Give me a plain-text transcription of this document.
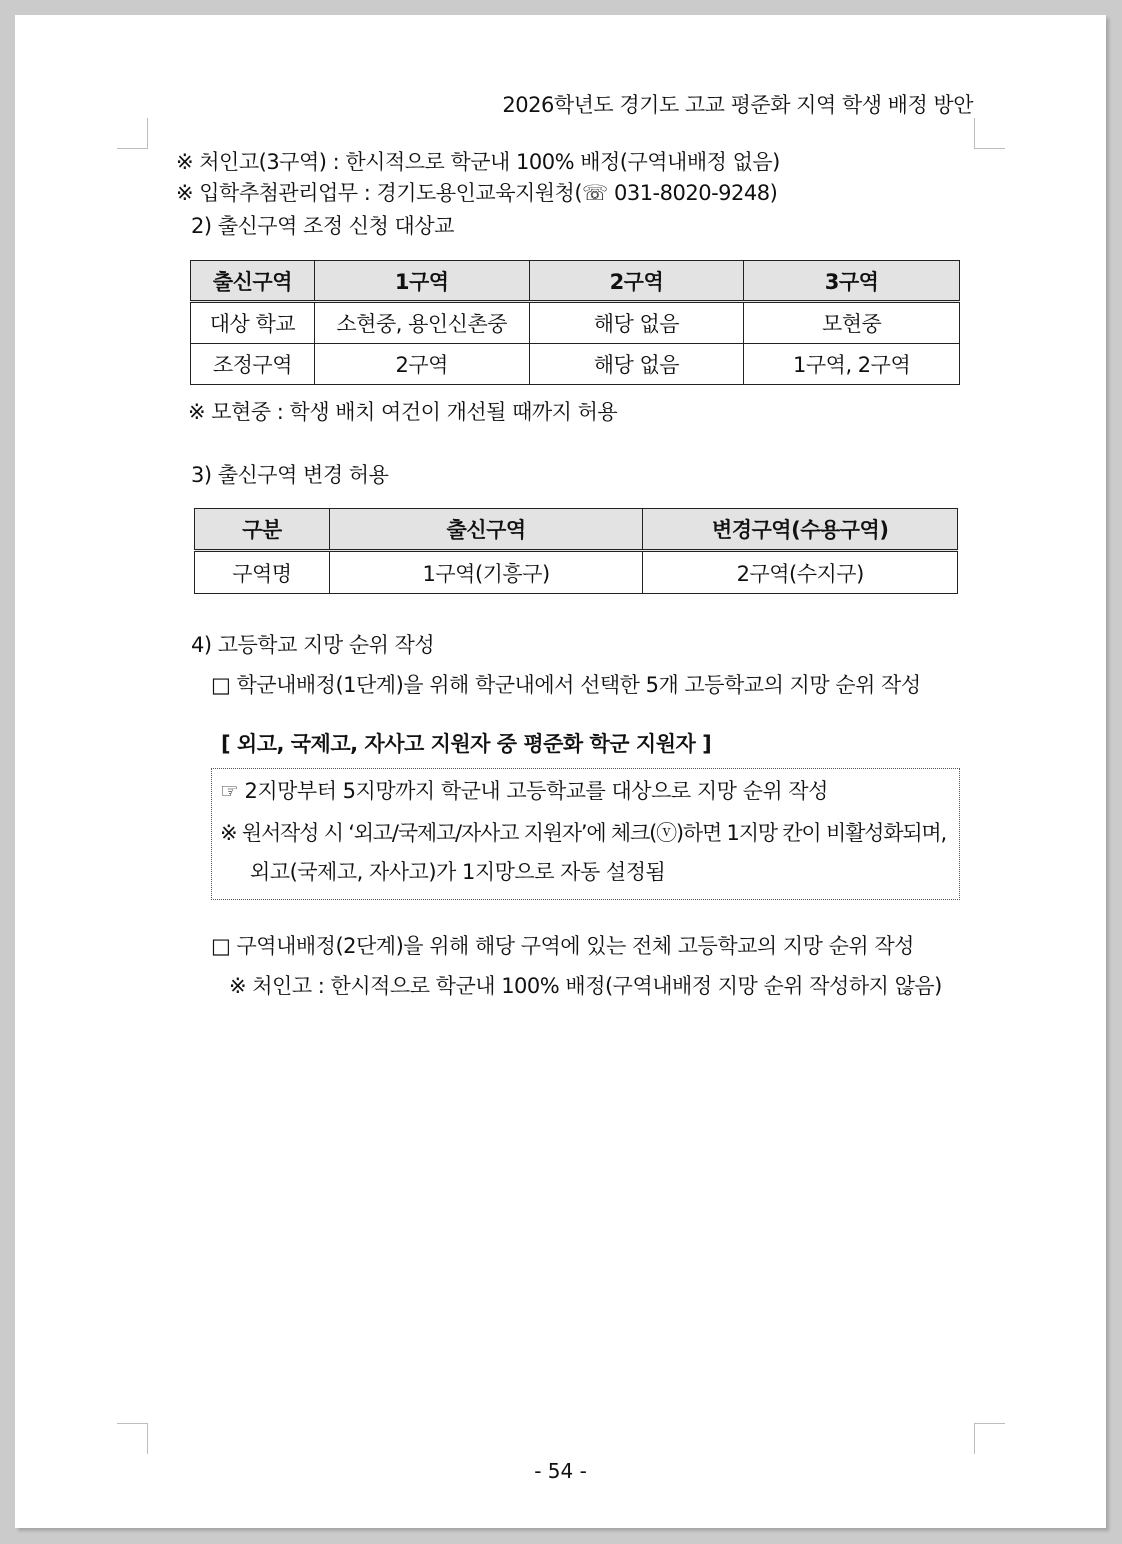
2026학년도 경기도 고교 평준화 지역 학생 배정 방안
※ 처인고(3구역) : 한시적으로 학군내 100% 배정(구역내배정 없음)
※ 입학추첨관리업무 : 경기도용인교육지원청(☏ 031-8020-9248)
2) 출신구역 조정 신청 대상교
출신구역	1구역	2구역	3구역
대상 학교	소현중, 용인신촌중	해당 없음	모현중
조정구역	2구역	해당 없음	1구역, 2구역
※ 모현중 : 학생 배치 여건이 개선될 때까지 허용
3) 출신구역 변경 허용
구분	출신구역	변경구역(수용구역)
구역명	1구역(기흥구)	2구역(수지구)
4) 고등학교 지망 순위 작성
□ 학군내배정(1단계)을 위해 학군내에서 선택한 5개 고등학교의 지망 순위 작성
[ 외고, 국제고, 자사고 지원자 중 평준화 학군 지원자 ]
☞ 2지망부터 5지망까지 학군내 고등학교를 대상으로 지망 순위 작성
※ 원서작성 시 ‘외고/국제고/자사고 지원자’에 체크(ⓥ)하면 1지망 칸이 비활성화되며,
외고(국제고, 자사고)가 1지망으로 자동 설정됨
□ 구역내배정(2단계)을 위해 해당 구역에 있는 전체 고등학교의 지망 순위 작성
※ 처인고 : 한시적으로 학군내 100% 배정(구역내배정 지망 순위 작성하지 않음)
- 54 -
